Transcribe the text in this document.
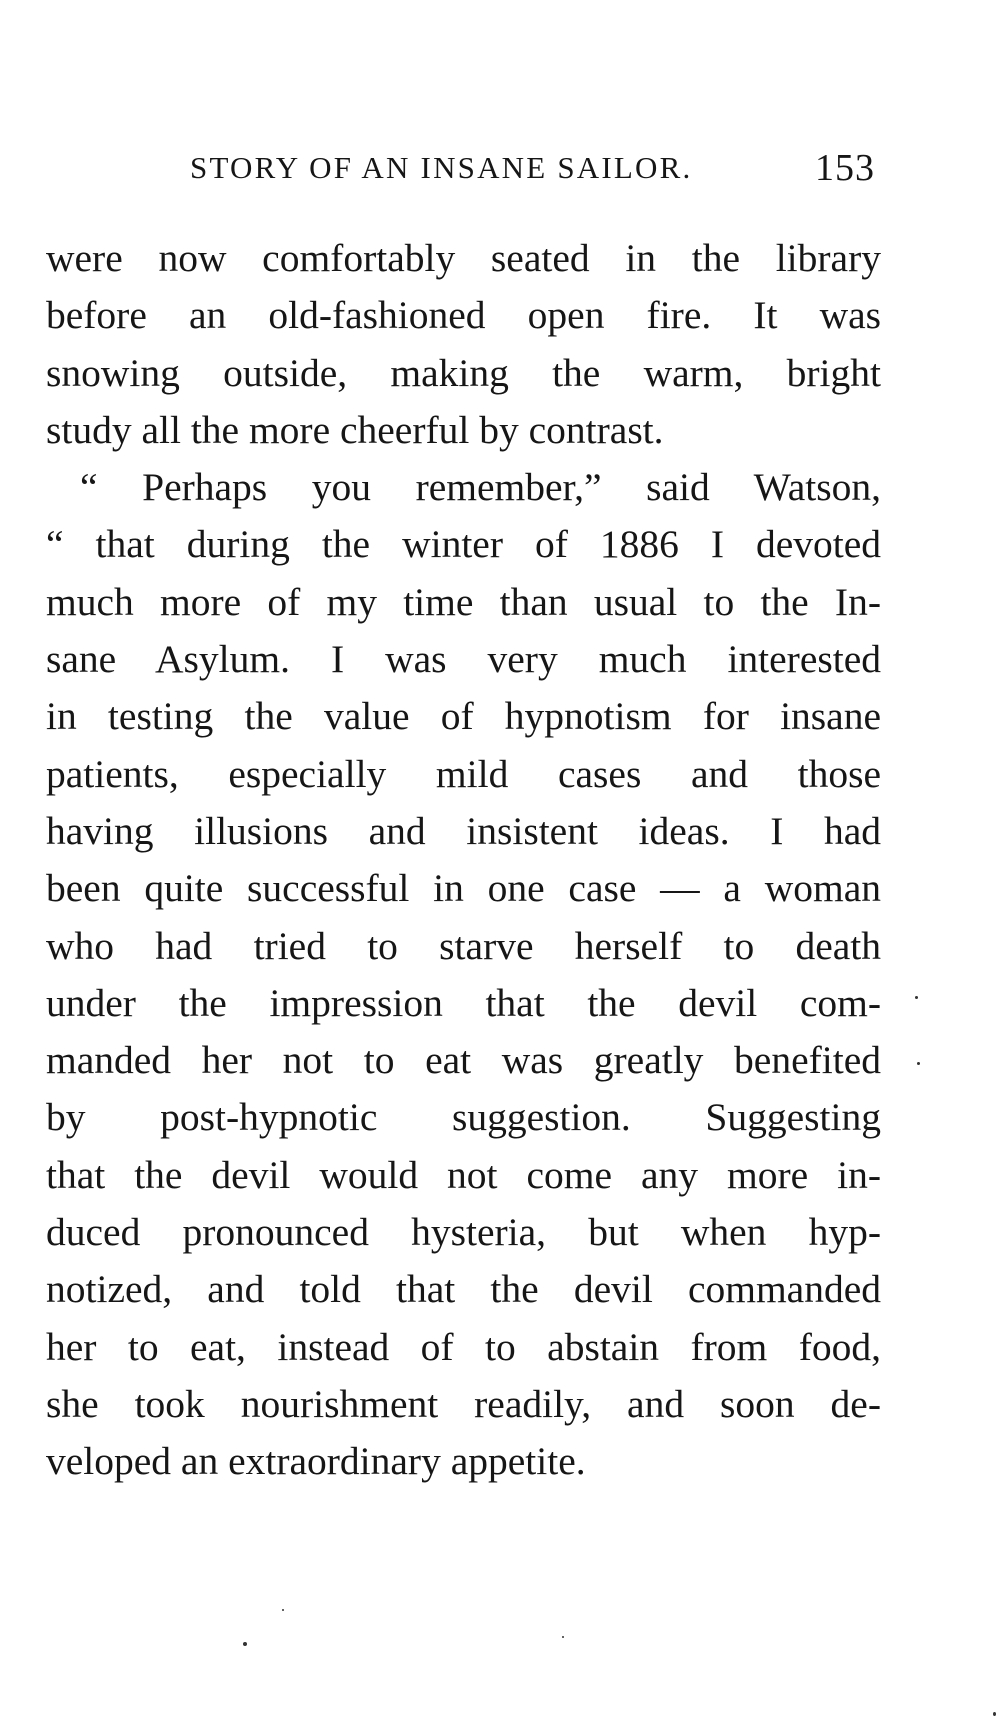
STORY OF AN INSANE SAILOR.	153
were now comfortably seated in the library
before an old-fashioned open fire. It was
snowing outside, making the warm, bright
study all the more cheerful by contrast.
“ Perhaps you remember,” said Watson,
“ that during the winter of 1886 I devoted
much more of my time than usual to the In-
sane Asylum. I was very much interested
in testing the value of hypnotism for insane
patients, especially mild cases and those
having illusions and insistent ideas. I had
been quite successful in one case — a woman
who had tried to starve herself to death
under the impression that the devil com-
manded her not to eat was greatly benefited
by post-hypnotic suggestion. Suggesting
that the devil would not come any more in-
duced pronounced hysteria, but when hyp-
notized, and told that the devil commanded
her to eat, instead of to abstain from food,
she took nourishment readily, and soon de-
veloped an extraordinary appetite.
